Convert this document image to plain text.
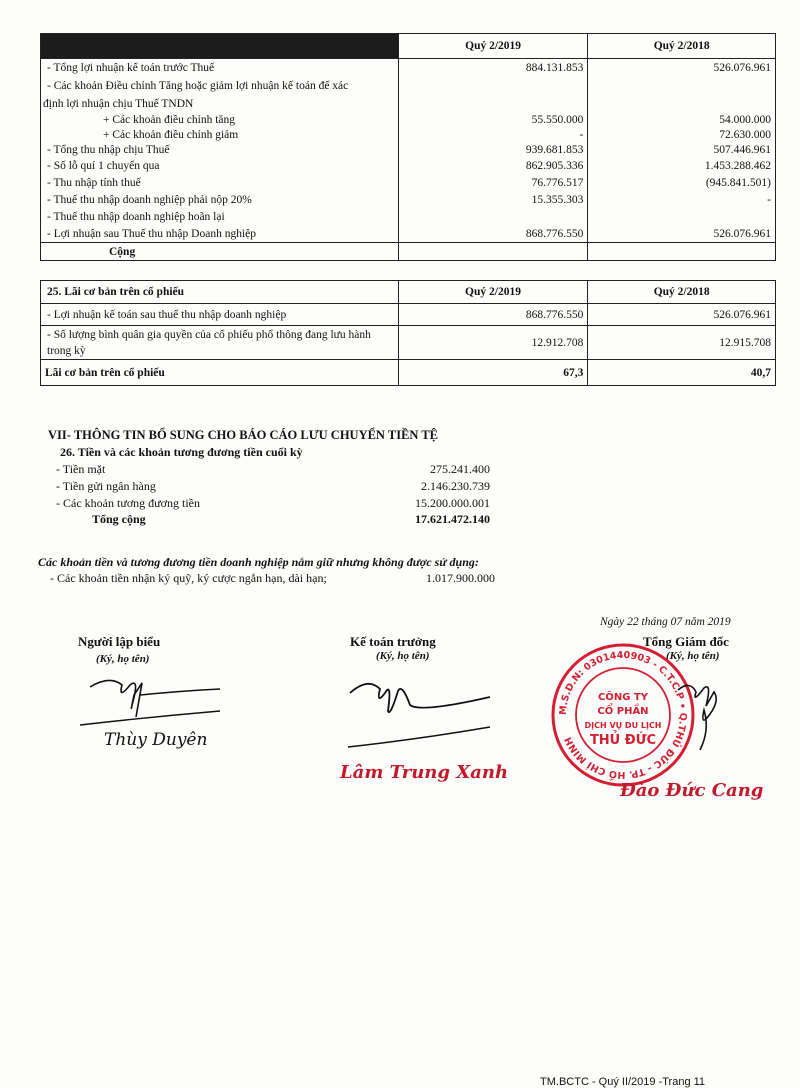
	Quý 2/2019	Quý 2/2018
- Tổng lợi nhuận kế toán trước Thuế	884.131.853	526.076.961
- Các khoản Điều chỉnh Tăng hoặc giảm lợi nhuận kế toán để xác		
định lợi nhuận chịu Thuế TNDN		
+ Các khoản điều chỉnh tăng	55.550.000	54.000.000
+ Các khoản điều chỉnh giảm	-	72.630.000
- Tổng thu nhập chịu Thuế	939.681.853	507.446.961
- Số lỗ quí 1 chuyển qua	862.905.336	1.453.288.462
- Thu nhập tính thuế	76.776.517	(945.841.501)
- Thuế thu nhập doanh nghiệp phải nộp 20%	15.355.303	-
- Thuế thu nhập doanh nghiệp hoãn lại		
- Lợi nhuận sau Thuế thu nhập Doanh nghiệp	868.776.550	526.076.961
Cộng		
25. Lãi cơ bản trên cổ phiếu	Quý 2/2019	Quý 2/2018
- Lợi nhuận kế toán sau thuế thu nhập doanh nghiệp	868.776.550	526.076.961
- Số lượng bình quân gia quyền của cổ phiếu phổ thông đang lưu hành
trong kỳ	12.912.708	12.915.708
Lãi cơ bản trên cổ phiếu	67,3	40,7
VII- THÔNG TIN BỔ SUNG CHO BÁO CÁO LƯU CHUYỂN TIỀN TỆ
26. Tiền và các khoản tương đương tiền cuối kỳ
- Tiền mặt	275.241.400
- Tiền gửi ngân hàng	2.146.230.739
- Các khoản tương đương tiền	15.200.000.001
Tổng cộng	17.621.472.140
Các khoản tiền và tương đương tiền doanh nghiệp nắm giữ nhưng không được sử dụng:
- Các khoản tiền nhận ký quỹ, ký cược ngắn hạn, dài hạn;	1.017.900.000
Ngày 22 tháng 07 năm 2019
Người lập biểu
(Ký, họ tên)
Kế toán trưởng
(Ký, họ tên)
Tổng Giám đốc
(Ký, họ tên)
Thùy Duyên
Lâm Trung Xanh
M.S.D.N: 0301440903 - C.T.C.P • Q.THỦ ĐỨC - TP. HỒ CHÍ MINH
CÔNG TY
CỔ PHẦN
DỊCH VỤ DU LỊCH
THỦ ĐỨC
Đào Đức Cang
TM.BCTC - Quý II/2019 -Trang 11
